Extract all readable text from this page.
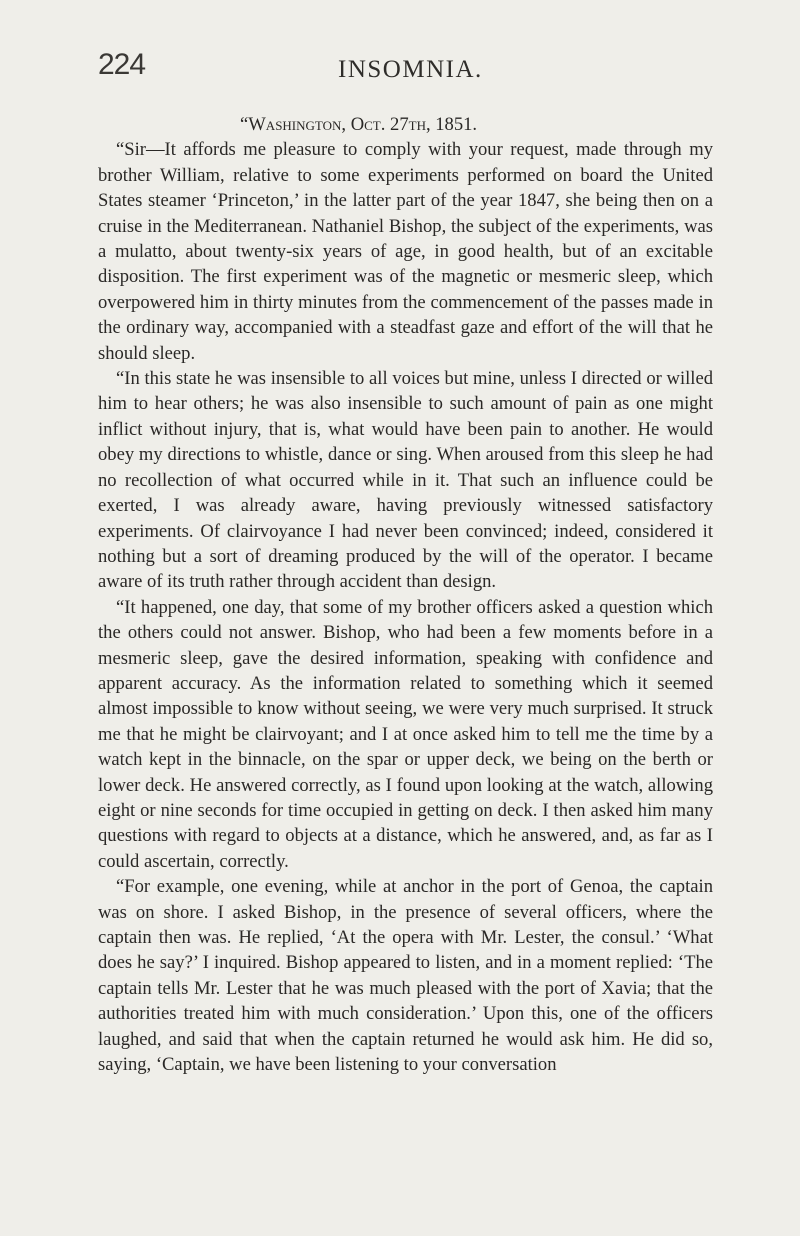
224	INSOMNIA.

“Washington, Oct. 27th, 1851.

“Sir—It affords me pleasure to comply with your request, made through my brother William, relative to some experiments performed on board the United States steamer ‘Princeton,’ in the latter part of the year 1847, she being then on a cruise in the Mediterranean. Nathaniel Bishop, the subject of the experiments, was a mulatto, about twenty-six years of age, in good health, but of an excitable disposition. The first experiment was of the magnetic or mesmeric sleep, which overpowered him in thirty minutes from the commencement of the passes made in the ordinary way, accompanied with a steadfast gaze and effort of the will that he should sleep.

“In this state he was insensible to all voices but mine, unless I directed or willed him to hear others; he was also insensible to such amount of pain as one might inflict without injury, that is, what would have been pain to another. He would obey my directions to whistle, dance or sing. When aroused from this sleep he had no recollection of what occurred while in it. That such an influence could be exerted, I was already aware, having previously witnessed satisfactory experiments. Of clairvoyance I had never been convinced; indeed, considered it nothing but a sort of dreaming produced by the will of the operator. I became aware of its truth rather through accident than design.

“It happened, one day, that some of my brother officers asked a question which the others could not answer. Bishop, who had been a few moments before in a mesmeric sleep, gave the desired information, speaking with confidence and apparent accuracy. As the information related to something which it seemed almost impossible to know without seeing, we were very much surprised. It struck me that he might be clairvoyant; and I at once asked him to tell me the time by a watch kept in the binnacle, on the spar or upper deck, we being on the berth or lower deck. He answered correctly, as I found upon looking at the watch, allowing eight or nine seconds for time occupied in getting on deck. I then asked him many questions with regard to objects at a distance, which he answered, and, as far as I could ascertain, correctly.

“For example, one evening, while at anchor in the port of Genoa, the captain was on shore. I asked Bishop, in the presence of several officers, where the captain then was. He replied, ‘At the opera with Mr. Lester, the consul.’ ‘What does he say?’ I inquired. Bishop appeared to listen, and in a moment replied: ‘The captain tells Mr. Lester that he was much pleased with the port of Xavia; that the authorities treated him with much consideration.’ Upon this, one of the officers laughed, and said that when the captain returned he would ask him. He did so, saying, ‘Captain, we have been listening to your conversation
